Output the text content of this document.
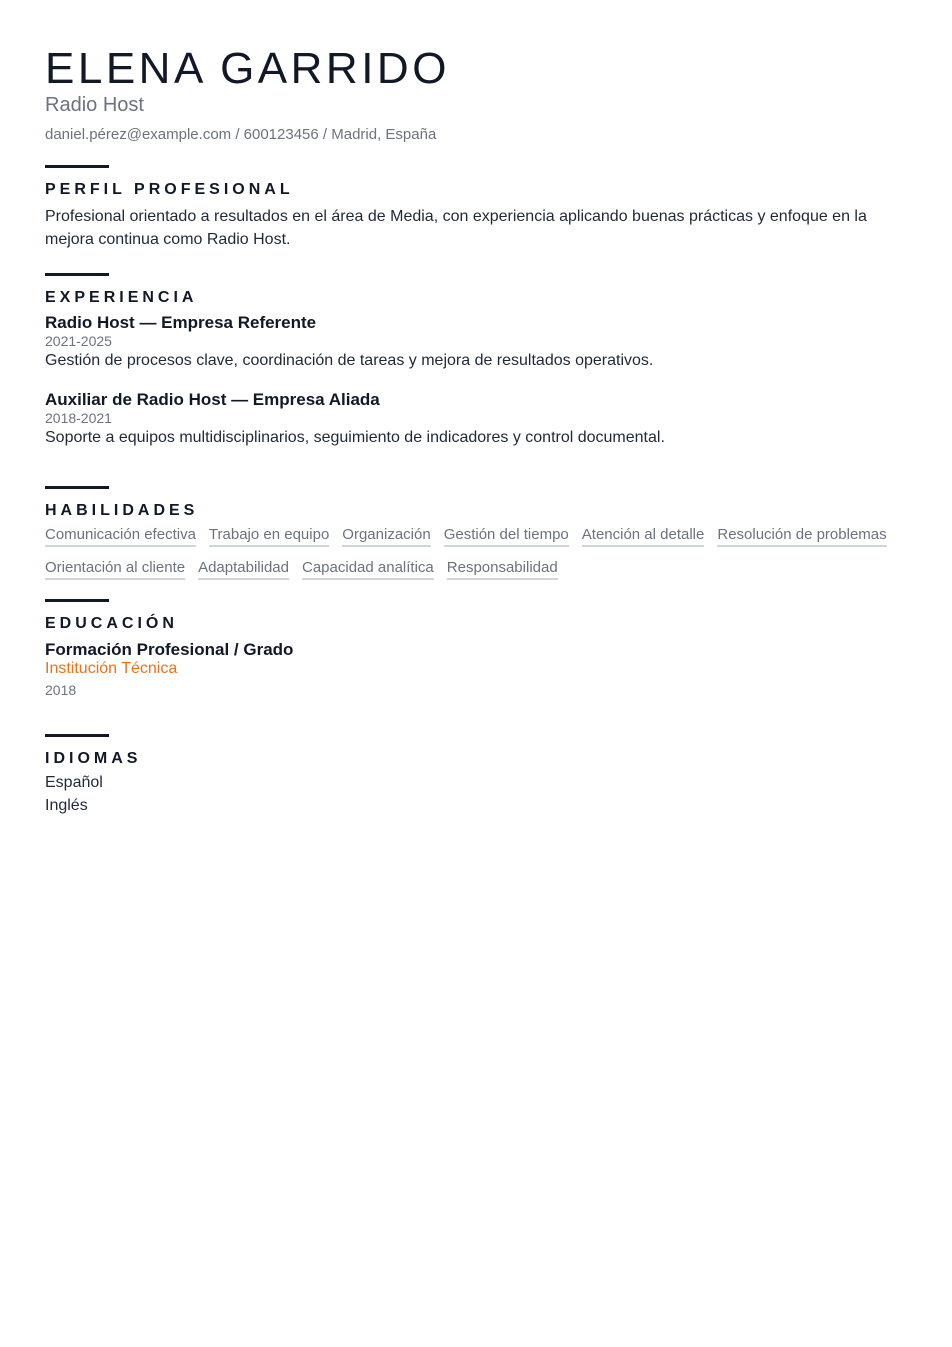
ELENA GARRIDO
Radio Host
daniel.pérez@example.com / 600123456 / Madrid, España
PERFIL PROFESIONAL

Profesional orientado a resultados en el área de Media, con experiencia aplicando buenas prácticas y enfoque en la mejora continua como Radio Host.

EXPERIENCIA
Radio Host — Empresa Referente
2021-2025
Gestión de procesos clave, coordinación de tareas y mejora de resultados operativos.
Auxiliar de Radio Host — Empresa Aliada
2018-2021
Soporte a equipos multidisciplinarios, seguimiento de indicadores y control documental.
HABILIDADES
Comunicación efectiva Trabajo en equipo Organización Gestión del tiempo Atención al detalle Resolución de problemas
Orientación al cliente Adaptabilidad Capacidad analítica Responsabilidad
EDUCACIÓN
Formación Profesional / Grado
Institución Técnica
2018
IDIOMAS
Español
Inglés
